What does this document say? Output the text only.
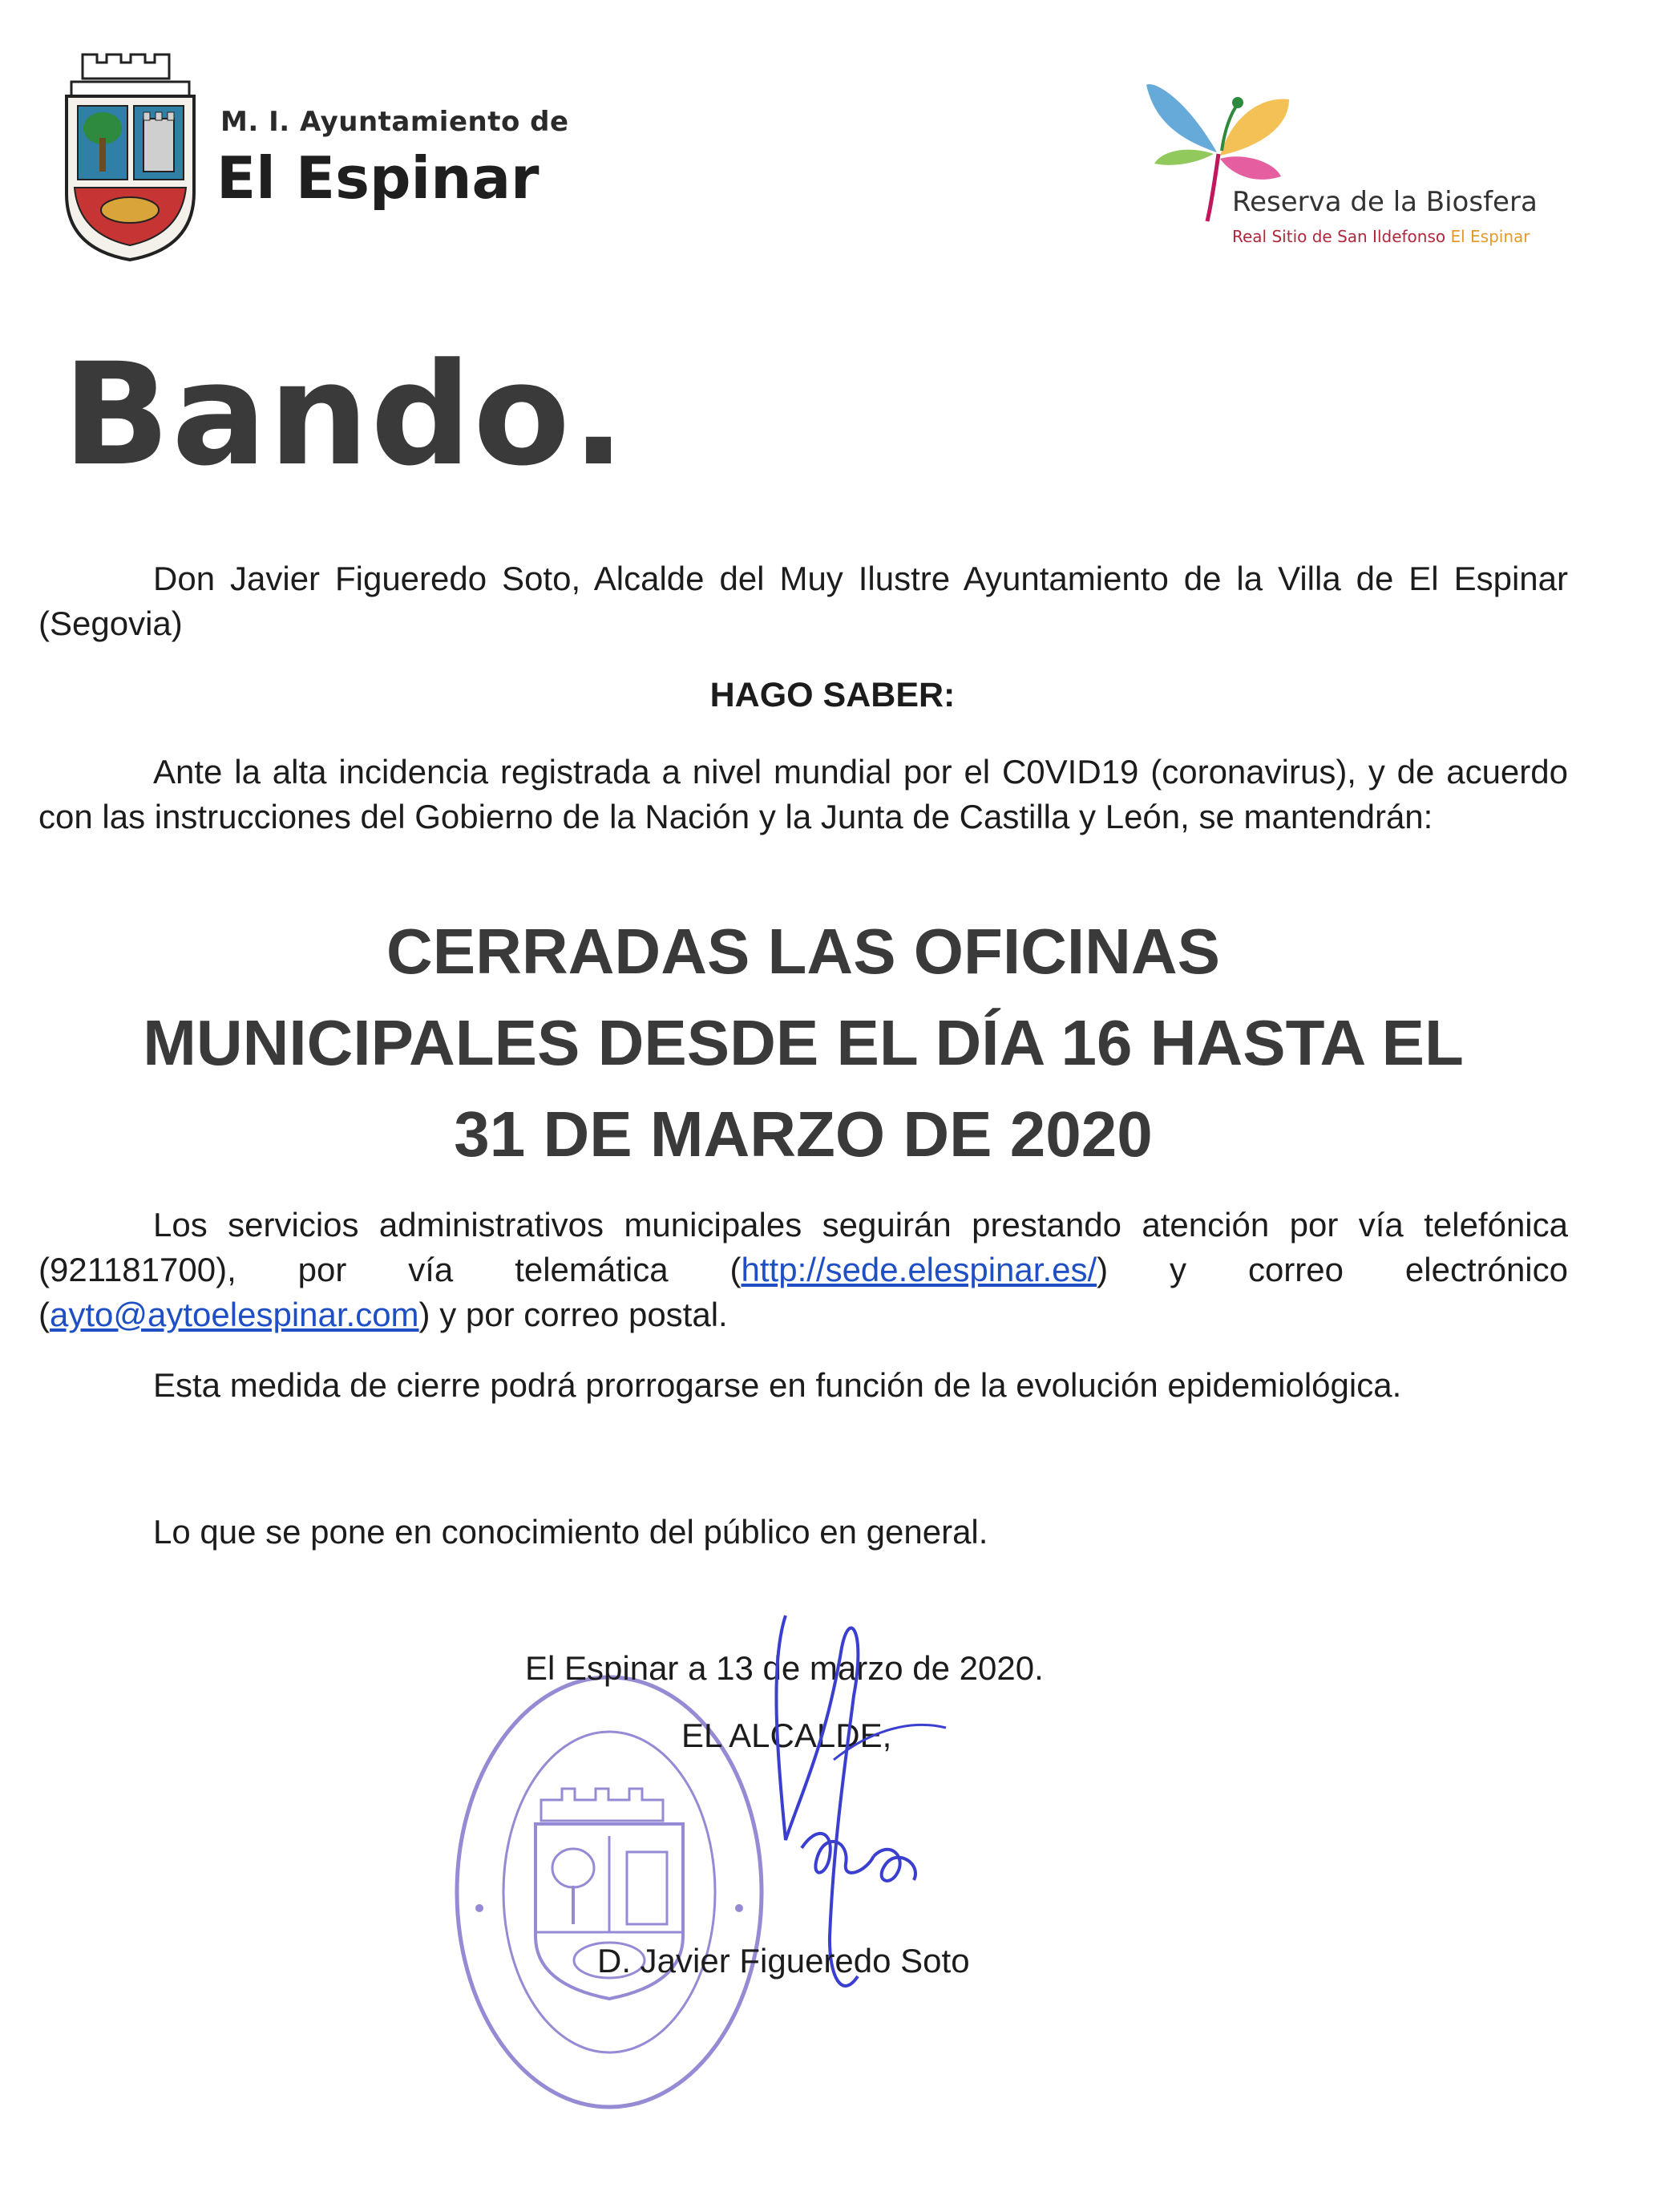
M. I. Ayuntamiento de
El Espinar	Reserva de la Biosfera
Real Sitio de San Ildefonso El Espinar
Bando.

Don Javier Figueredo Soto, Alcalde del Muy Ilustre Ayuntamiento de la Villa de El Espinar (Segovia)

HAGO SABER:

Ante la alta incidencia registrada a nivel mundial por el C0VID19 (coronavirus), y de acuerdo con las instrucciones del Gobierno de la Nación y la Junta de Castilla y León, se mantendrán:

CERRADAS LAS OFICINAS
MUNICIPALES DESDE EL DÍA 16 HASTA EL
31 DE MARZO DE 2020

Los servicios administrativos municipales seguirán prestando atención por vía telefónica (921181700), por vía telemática (http://sede.elespinar.es/) y correo electrónico (ayto@aytoelespinar.com) y por correo postal.

Esta medida de cierre podrá prorrogarse en función de la evolución epidemiológica.

Lo que se pone en conocimiento del público en general.

El Espinar a 13 de marzo de 2020.
EL ALCALDE,
D. Javier Figueredo Soto
